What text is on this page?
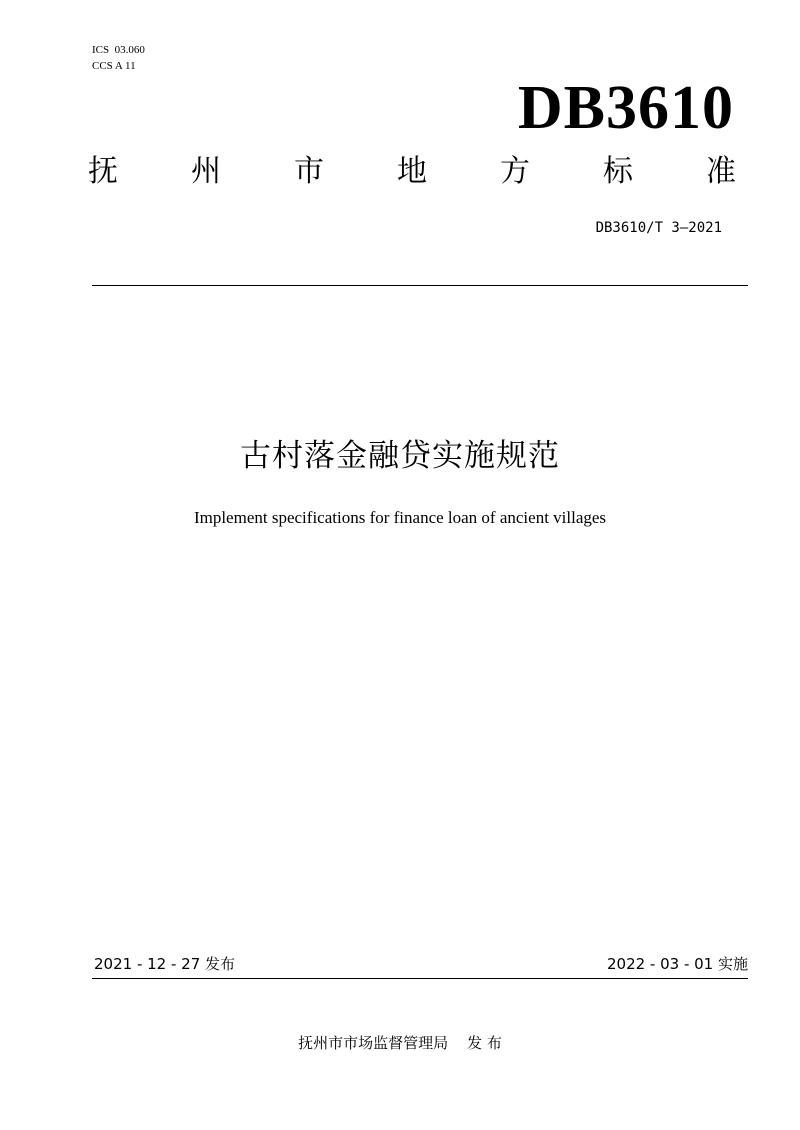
ICS  03.060
CCS A 11
DB3610
抚 州 市 地 方 标 准
DB3610/T 3—2021
古村落金融贷实施规范
Implement specifications for finance loan of ancient villages
2021 - 12 - 27 发布	2022 - 03 - 01 实施
抚州市市场监督管理局    发 布
